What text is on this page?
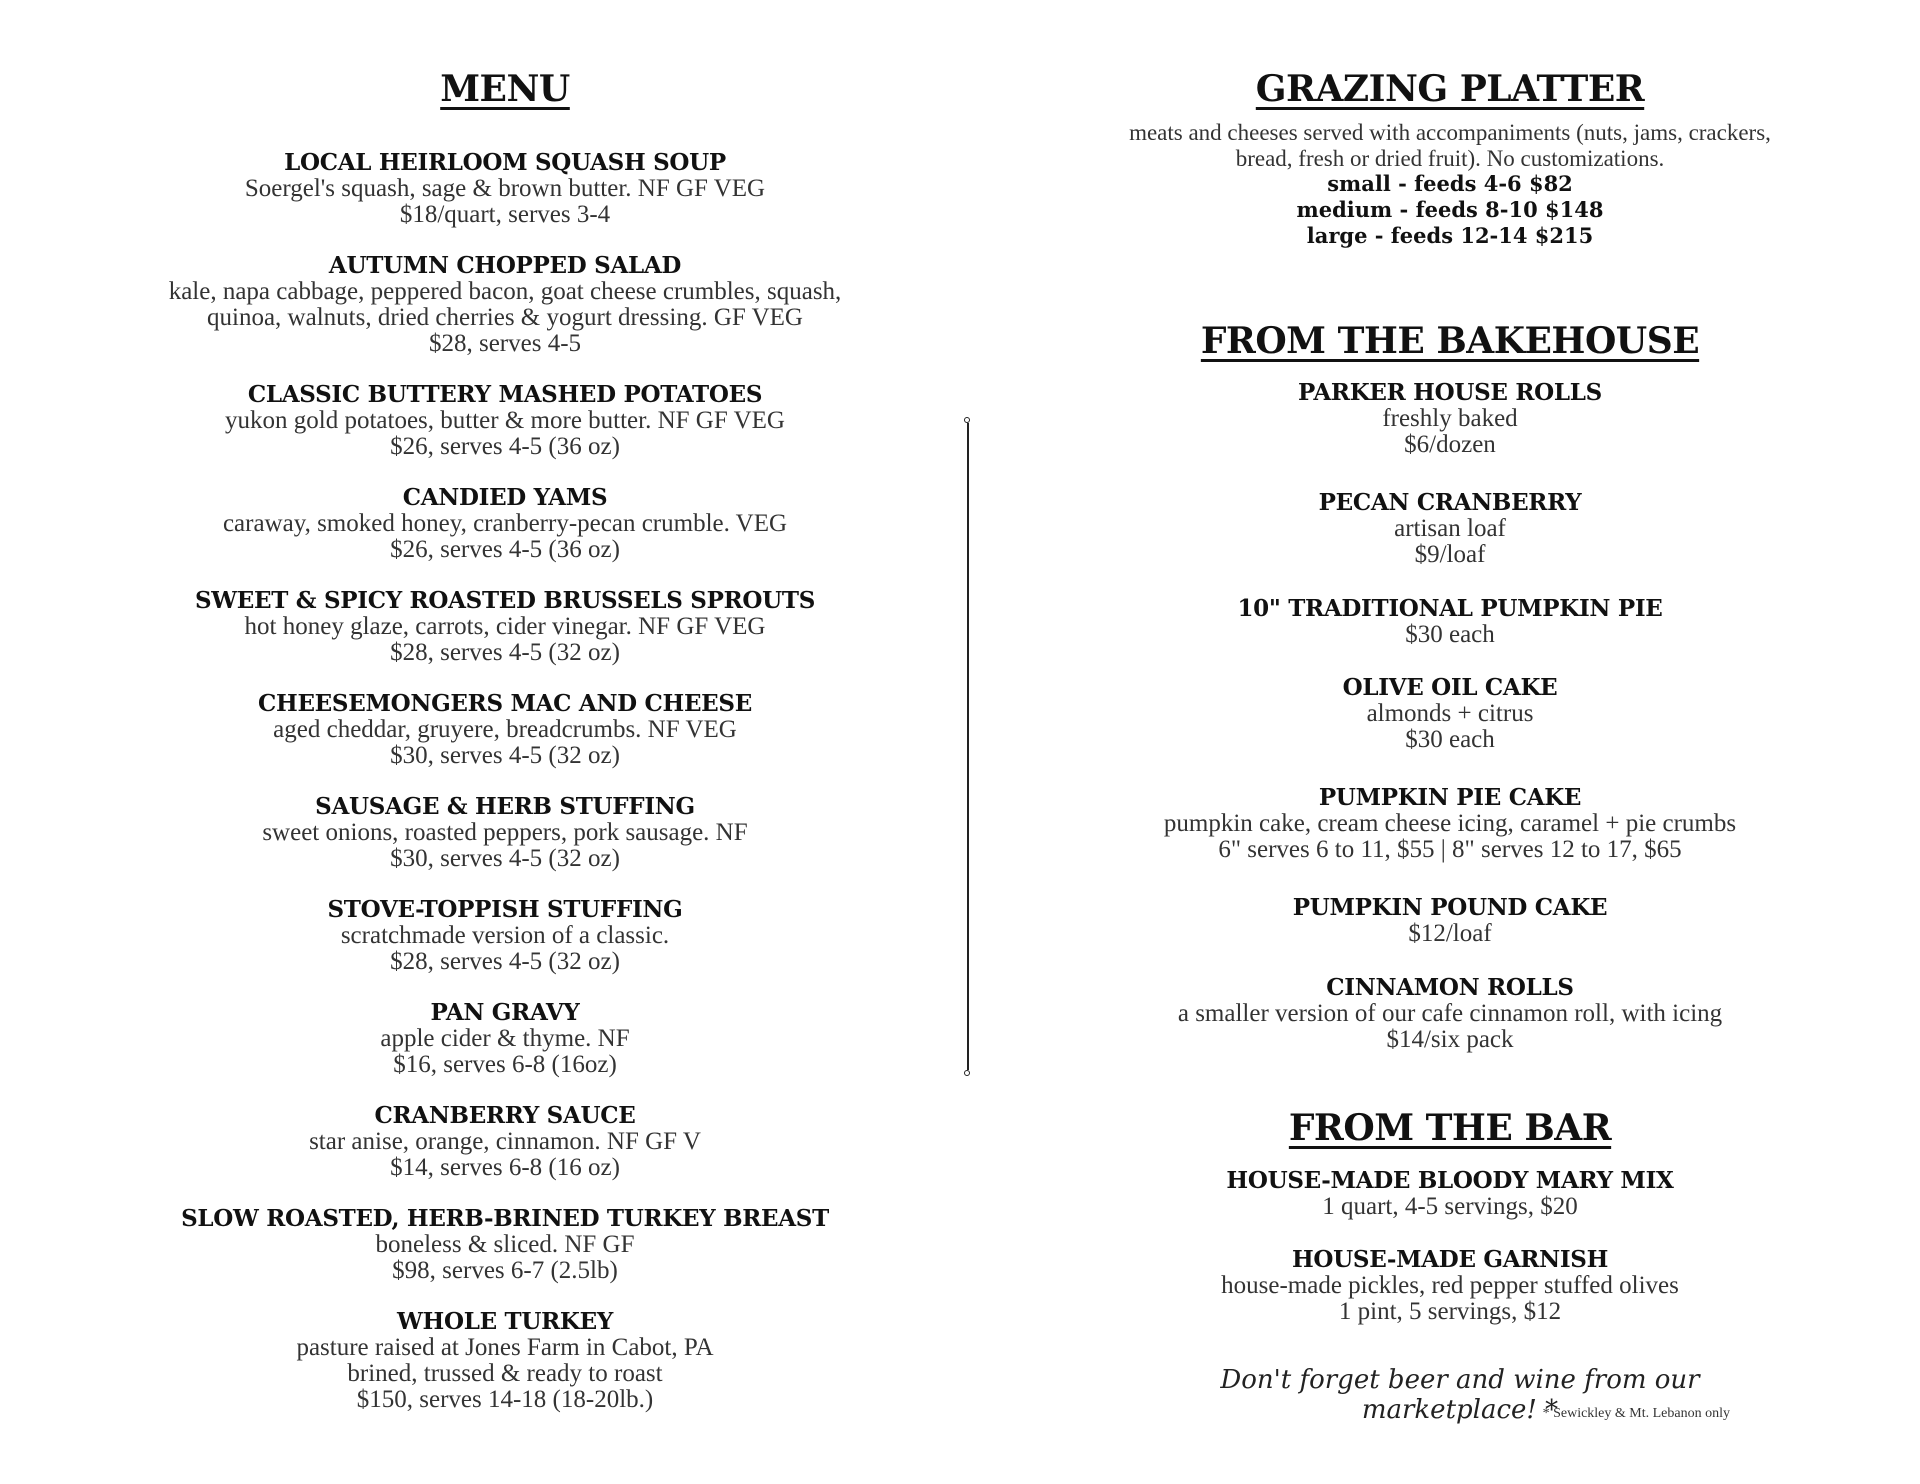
MENU
LOCAL HEIRLOOM SQUASH SOUP
Soergel's squash, sage & brown butter. NF GF VEG
$18/quart, serves 3-4
AUTUMN CHOPPED SALAD
kale, napa cabbage, peppered bacon, goat cheese crumbles, squash,
quinoa, walnuts, dried cherries & yogurt dressing. GF VEG
$28, serves 4-5
CLASSIC BUTTERY MASHED POTATOES
yukon gold potatoes, butter & more butter. NF GF VEG
$26, serves 4-5 (36 oz)
CANDIED YAMS
caraway, smoked honey, cranberry-pecan crumble. VEG
$26, serves 4-5 (36 oz)
SWEET & SPICY ROASTED BRUSSELS SPROUTS
hot honey glaze, carrots, cider vinegar. NF GF VEG
$28, serves 4-5 (32 oz)
CHEESEMONGERS MAC AND CHEESE
aged cheddar, gruyere, breadcrumbs. NF VEG
$30, serves 4-5 (32 oz)
SAUSAGE & HERB STUFFING
sweet onions, roasted peppers, pork sausage. NF
$30, serves 4-5 (32 oz)
STOVE-TOPPISH STUFFING
scratchmade version of a classic.
$28, serves 4-5 (32 oz)
PAN GRAVY
apple cider & thyme. NF
$16, serves 6-8 (16oz)
CRANBERRY SAUCE
star anise, orange, cinnamon. NF GF V
$14, serves 6-8 (16 oz)
SLOW ROASTED, HERB-BRINED TURKEY BREAST
boneless & sliced. NF GF
$98, serves 6-7 (2.5lb)
WHOLE TURKEY
pasture raised at Jones Farm in Cabot, PA
brined, trussed & ready to roast
$150, serves 14-18 (18-20lb.)
GRAZING PLATTER
meats and cheeses served with accompaniments (nuts, jams, crackers,
bread, fresh or dried fruit). No customizations.
small - feeds 4-6 $82
medium - feeds 8-10 $148
large - feeds 12-14 $215
FROM THE BAKEHOUSE
PARKER HOUSE ROLLS
freshly baked
$6/dozen
PECAN CRANBERRY
artisan loaf
$9/loaf
10" TRADITIONAL PUMPKIN PIE
$30 each
OLIVE OIL CAKE
almonds + citrus
$30 each
PUMPKIN PIE CAKE
pumpkin cake, cream cheese icing, caramel + pie crumbs
6" serves 6 to 11, $55 | 8" serves 12 to 17, $65
PUMPKIN POUND CAKE
$12/loaf
CINNAMON ROLLS
a smaller version of our cafe cinnamon roll, with icing
$14/six pack
FROM THE BAR
HOUSE-MADE BLOODY MARY MIX
1 quart, 4-5 servings, $20
HOUSE-MADE GARNISH
house-made pickles, red pepper stuffed olives
1 pint, 5 servings, $12
Don't forget beer and wine from our marketplace! *
* Sewickley & Mt. Lebanon only
